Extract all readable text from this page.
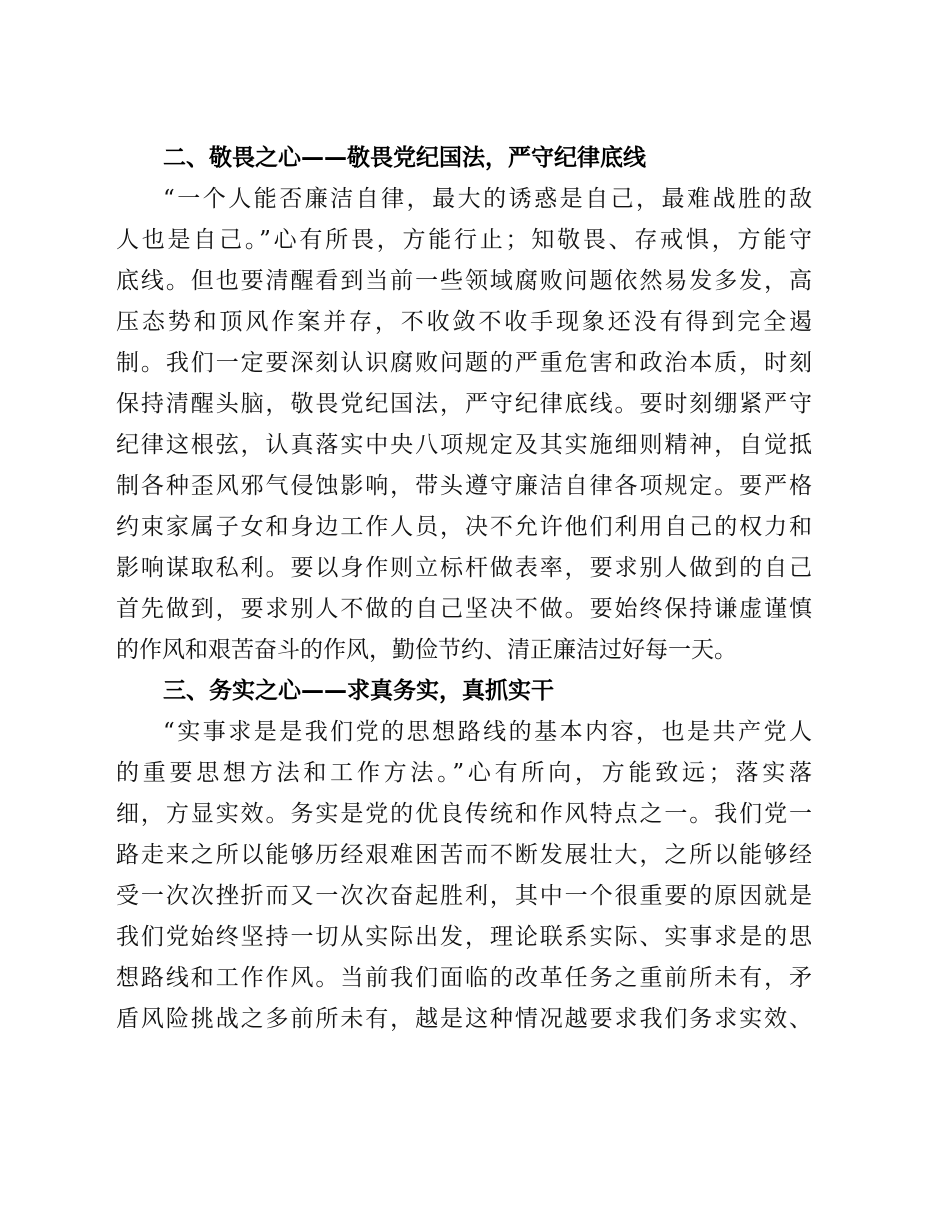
二、敬畏之心——敬畏党纪国法，严守纪律底线
“一个人能否廉洁自律，最大的诱惑是自己，最难战胜的敌
人也是自己。”心有所畏，方能行止；知敬畏、存戒惧，方能守
底线。但也要清醒看到当前一些领域腐败问题依然易发多发，高
压态势和顶风作案并存，不收敛不收手现象还没有得到完全遏
制。我们一定要深刻认识腐败问题的严重危害和政治本质，时刻
保持清醒头脑，敬畏党纪国法，严守纪律底线。要时刻绷紧严守
纪律这根弦，认真落实中央八项规定及其实施细则精神，自觉抵
制各种歪风邪气侵蚀影响，带头遵守廉洁自律各项规定。要严格
约束家属子女和身边工作人员，决不允许他们利用自己的权力和
影响谋取私利。要以身作则立标杆做表率，要求别人做到的自己
首先做到，要求别人不做的自己坚决不做。要始终保持谦虚谨慎
的作风和艰苦奋斗的作风，勤俭节约、清正廉洁过好每一天。
三、务实之心——求真务实，真抓实干
“实事求是是我们党的思想路线的基本内容，也是共产党人
的重要思想方法和工作方法。”心有所向，方能致远；落实落
细，方显实效。务实是党的优良传统和作风特点之一。我们党一
路走来之所以能够历经艰难困苦而不断发展壮大，之所以能够经
受一次次挫折而又一次次奋起胜利，其中一个很重要的原因就是
我们党始终坚持一切从实际出发，理论联系实际、实事求是的思
想路线和工作作风。当前我们面临的改革任务之重前所未有，矛
盾风险挑战之多前所未有，越是这种情况越要求我们务求实效、
